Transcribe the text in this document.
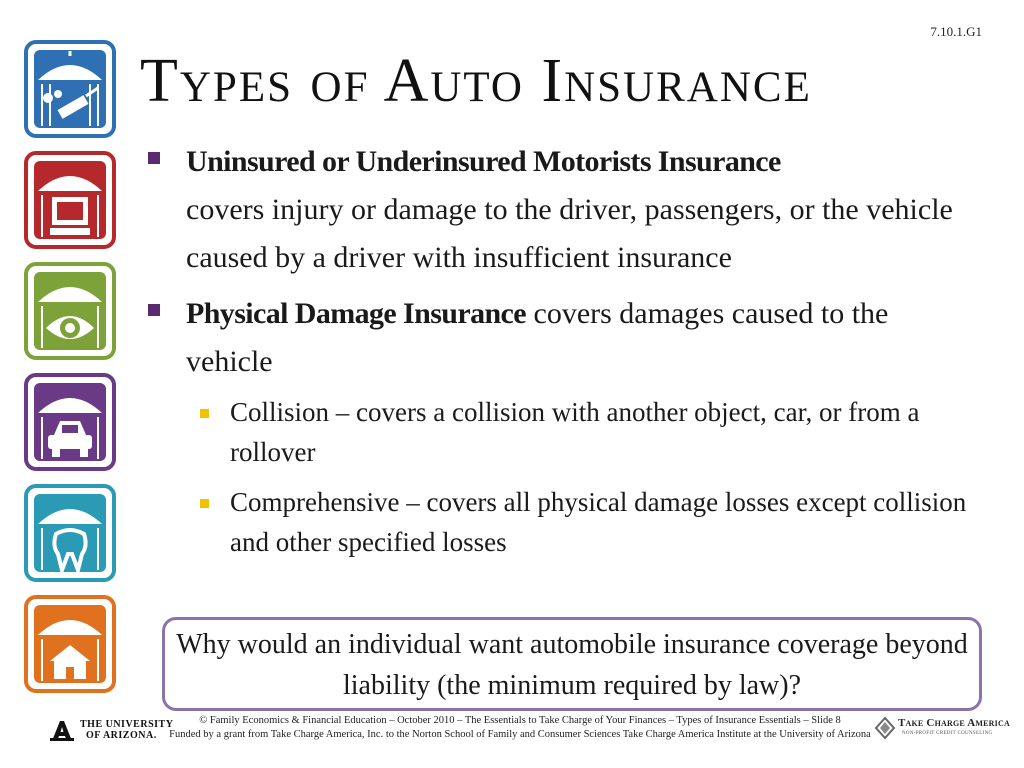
7.10.1.G1
Types of Auto Insurance
Uninsured or Underinsured Motorists Insurance
covers injury or damage to the driver, passengers, or the vehicle caused by a driver with insufficient insurance
Physical Damage Insurance covers damages caused to the vehicle
Collision – covers a collision with another object, car, or from a rollover
Comprehensive – covers all physical damage losses except collision and other specified losses
Why would an individual want automobile insurance coverage beyond liability (the minimum required by law)?
THE UNIVERSITY
OF ARIZONA.
© Family Economics & Financial Education – October 2010 – The Essentials to Take Charge of Your Finances – Types of Insurance Essentials – Slide 8
Funded by a grant from Take Charge America, Inc. to the Norton School of Family and Consumer Sciences Take Charge America Institute at the University of Arizona
Take Charge America
NON-PROFIT CREDIT COUNSELING
